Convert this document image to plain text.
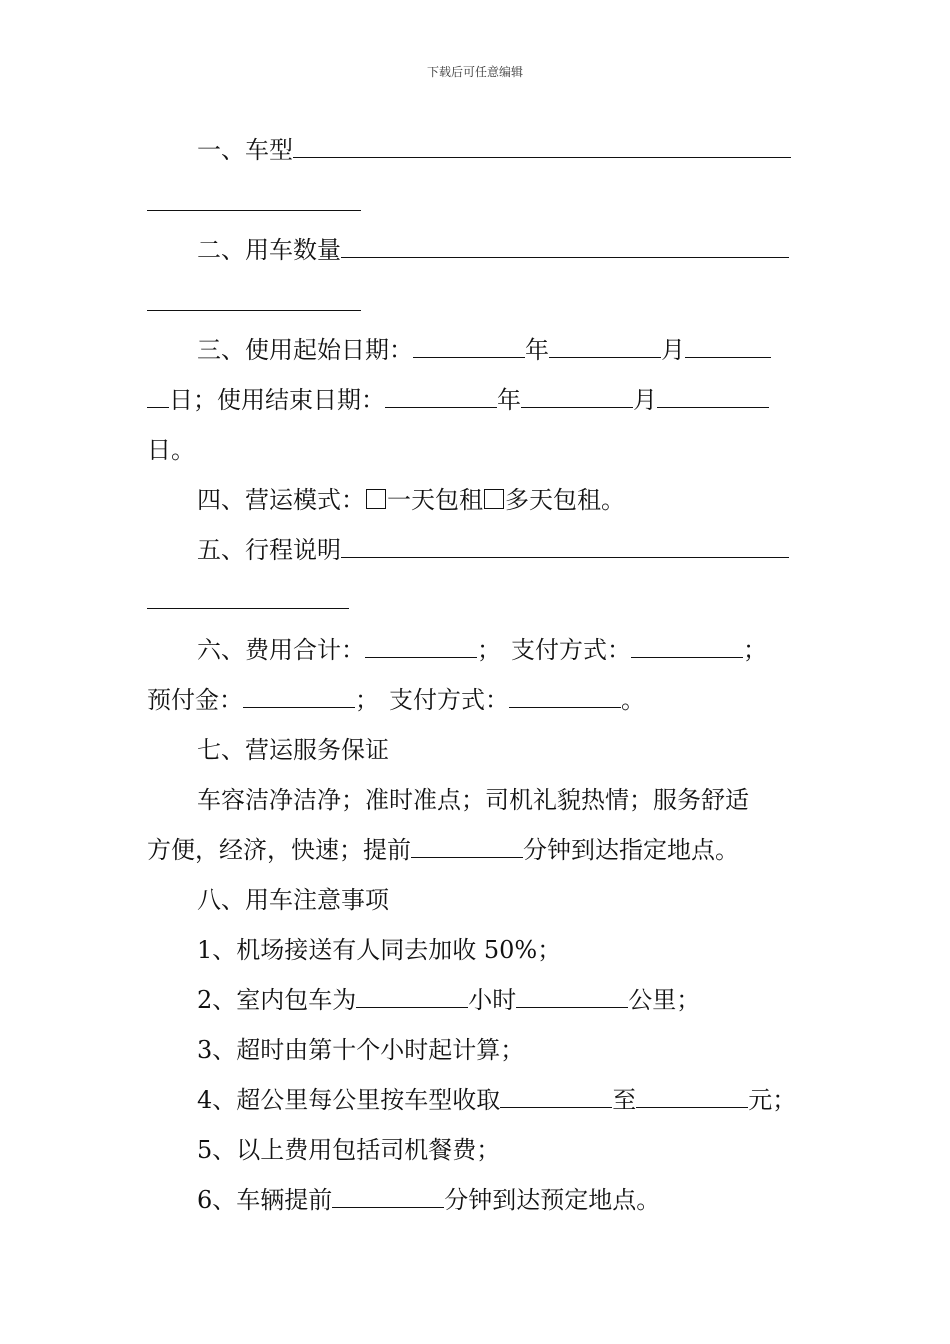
下载后可任意编辑
一、车型
二、用车数量
三、使用起始日期：	年	月
日；使用结束日期：	年	月
日。
四、营运模式： 一天包租 多天包租。
五、行程说明
六、费用合计：	； 支付方式：	；
预付金：	； 支付方式：	。
七、营运服务保证
车容洁净洁净；准时准点；司机礼貌热情；服务舒适
方便，经济，快速；提前	分钟到达指定地点。
八、用车注意事项
1、机场接送有人同去加收 50%；
2、室内包车为	小时	公里；
3、超时由第十个小时起计算；
4、超公里每公里按车型收取	至	元；
5、以上费用包括司机餐费；
6、车辆提前	分钟到达预定地点。
